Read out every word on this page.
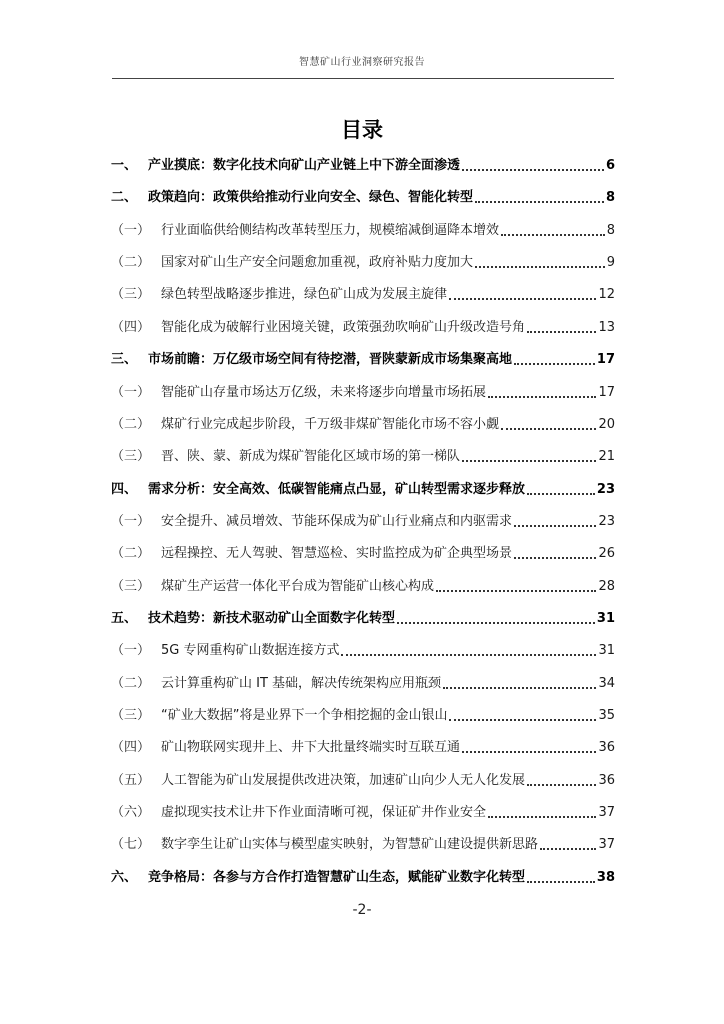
智慧矿山行业洞察研究报告
目录
一、 产业摸底：数字化技术向矿山产业链上中下游全面渗透	6
二、 政策趋向：政策供给推动行业向安全、绿色、智能化转型	8
（一） 行业面临供给侧结构改革转型压力，规模缩减倒逼降本增效	8
（二） 国家对矿山生产安全问题愈加重视，政府补贴力度加大	9
（三） 绿色转型战略逐步推进，绿色矿山成为发展主旋律	12
（四） 智能化成为破解行业困境关键，政策强劲吹响矿山升级改造号角	13
三、 市场前瞻：万亿级市场空间有待挖潜，晋陕蒙新成市场集聚高地	17
（一） 智能矿山存量市场达万亿级，未来将逐步向增量市场拓展	17
（二） 煤矿行业完成起步阶段，千万级非煤矿智能化市场不容小觑	20
（三） 晋、陕、蒙、新成为煤矿智能化区域市场的第一梯队	21
四、 需求分析：安全高效、低碳智能痛点凸显，矿山转型需求逐步释放	23
（一） 安全提升、减员增效、节能环保成为矿山行业痛点和内驱需求	23
（二） 远程操控、无人驾驶、智慧巡检、实时监控成为矿企典型场景	26
（三） 煤矿生产运营一体化平台成为智能矿山核心构成	28
五、 技术趋势：新技术驱动矿山全面数字化转型	31
（一） 5G 专网重构矿山数据连接方式	31
（二） 云计算重构矿山 IT 基础，解决传统架构应用瓶颈	34
（三） “矿业大数据”将是业界下一个争相挖掘的金山银山	35
（四） 矿山物联网实现井上、井下大批量终端实时互联互通	36
（五） 人工智能为矿山发展提供改进决策，加速矿山向少人无人化发展	36
（六） 虚拟现实技术让井下作业面清晰可视，保证矿井作业安全	37
（七） 数字孪生让矿山实体与模型虚实映射，为智慧矿山建设提供新思路	37
六、 竞争格局：各参与方合作打造智慧矿山生态，赋能矿业数字化转型	38
-2-
